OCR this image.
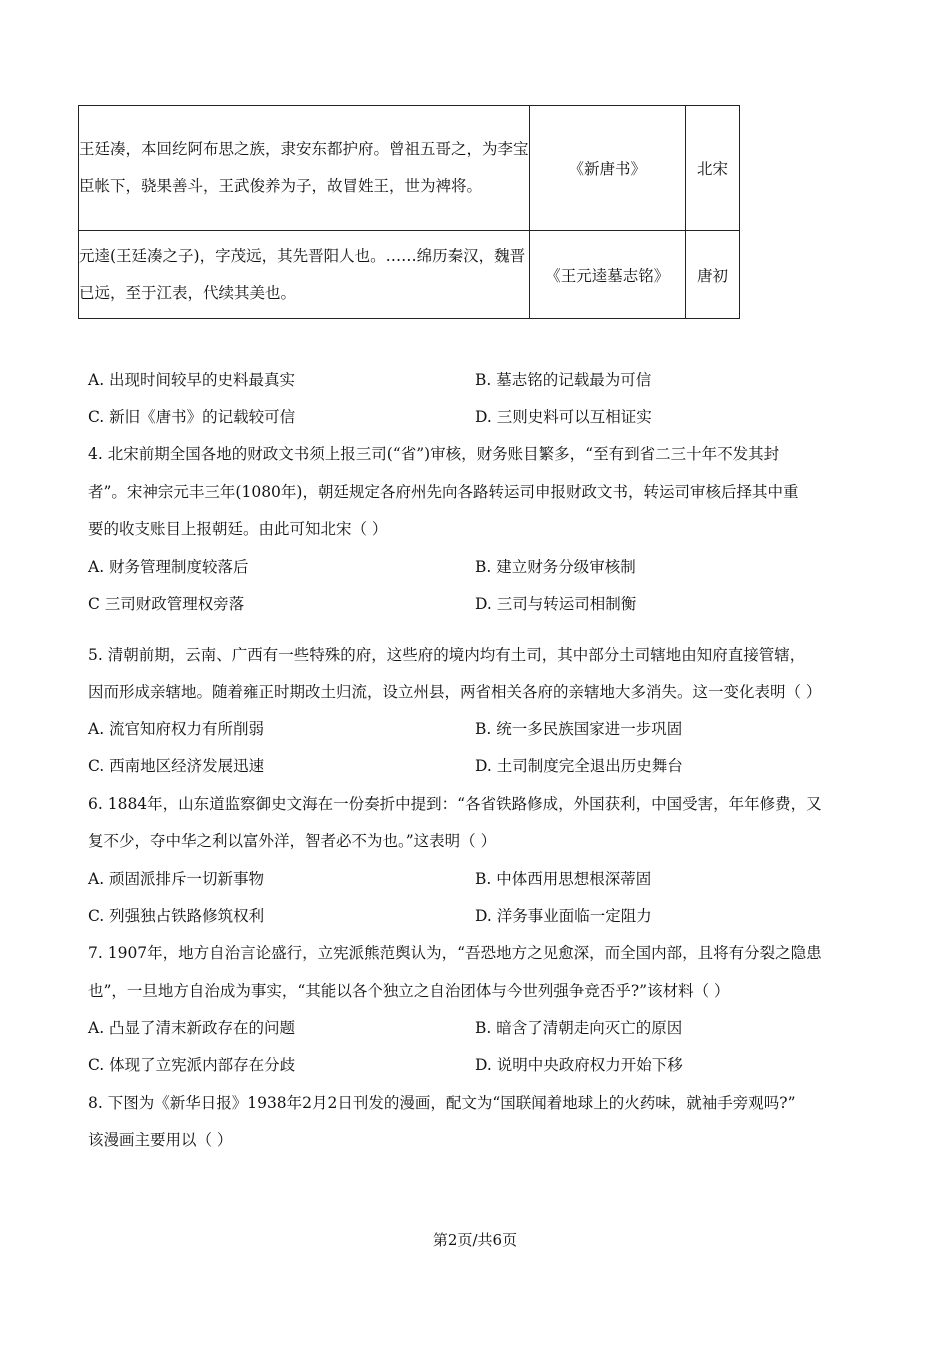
王廷凑，本回纥阿布思之族，隶安东都护府。曾祖五哥之，为李宝臣帐下，骁果善斗，王武俊养为子，故冒姓王，世为裨将。	《新唐书》	北宋
元逵(王廷凑之子)，字茂远，其先晋阳人也。……绵历秦汉，魏晋已远，至于江表，代续其美也。	《王元逵墓志铭》	唐初
A. 出现时间较早的史料最真实	B. 墓志铭的记载最为可信
C. 新旧《唐书》的记载较可信	D. 三则史料可以互相证实
4. 北宋前期全国各地的财政文书须上报三司(“省”)审核，财务账目繁多，“至有到省二三十年不发其封
者”。宋神宗元丰三年(1080年)，朝廷规定各府州先向各路转运司申报财政文书，转运司审核后择其中重
要的收支账目上报朝廷。由此可知北宋（ ）
A. 财务管理制度较落后	B. 建立财务分级审核制
C 三司财政管理权旁落	D. 三司与转运司相制衡
5. 清朝前期，云南、广西有一些特殊的府，这些府的境内均有土司，其中部分土司辖地由知府直接管辖，
因而形成亲辖地。随着雍正时期改土归流，设立州县，两省相关各府的亲辖地大多消失。这一变化表明（ ）
A. 流官知府权力有所削弱	B. 统一多民族国家进一步巩固
C. 西南地区经济发展迅速	D. 土司制度完全退出历史舞台
6. 1884年，山东道监察御史文海在一份奏折中提到：“各省铁路修成，外国获利，中国受害，年年修费，又
复不少，夺中华之利以富外洋，智者必不为也。”这表明（ ）
A. 顽固派排斥一切新事物	B. 中体西用思想根深蒂固
C. 列强独占铁路修筑权利	D. 洋务事业面临一定阻力
7. 1907年，地方自治言论盛行，立宪派熊范舆认为，“吾恐地方之见愈深，而全国内部，且将有分裂之隐患
也”，一旦地方自治成为事实，“其能以各个独立之自治团体与今世列强争竞否乎?”该材料（ ）
A. 凸显了清末新政存在的问题	B. 暗含了清朝走向灭亡的原因
C. 体现了立宪派内部存在分歧	D. 说明中央政府权力开始下移
8. 下图为《新华日报》1938年2月2日刊发的漫画，配文为“国联闻着地球上的火药味，就袖手旁观吗?”
该漫画主要用以（ ）
第2页/共6页
